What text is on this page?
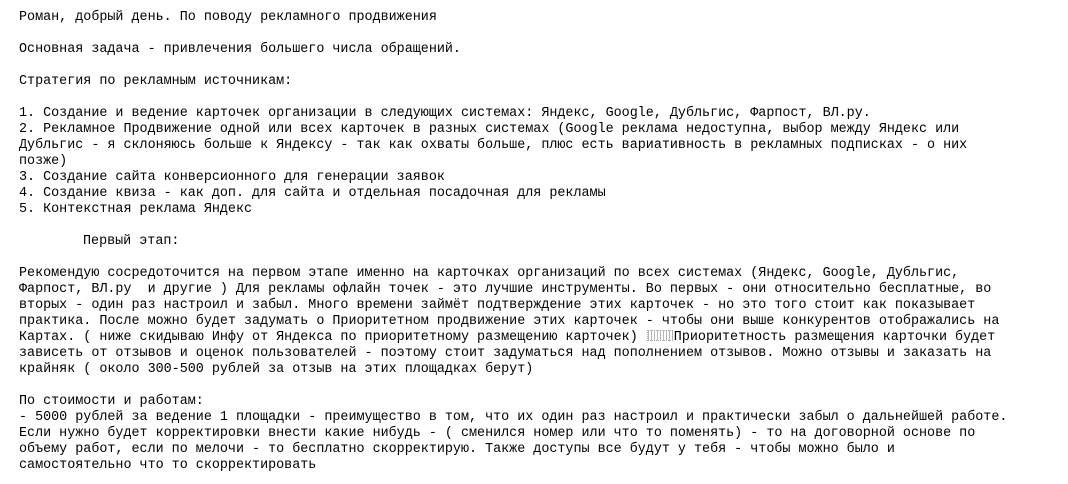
Роман, добрый день. По поводу рекламного продвижения
Основная задача - привлечения большего числа обращений.
Стратегия по рекламным источникам:
1. Создание и ведение карточек организации в следующих системах: Яндекс, Google, Дубльгис, Фарпост, ВЛ.ру.
2. Рекламное Продвижение одной или всех карточек в разных системах (Google реклама недоступна, выбор между Яндекс или
Дубльгис - я склоняюсь больше к Яндексу - так как охваты больше, плюс есть вариативность в рекламных подписках - о них
позже)
3. Создание сайта конверсионного для генерации заявок
4. Создание квиза - как доп. для сайта и отдельная посадочная для рекламы
5. Контекстная реклама Яндекс
Первый этап:
Рекомендую сосредоточится на первом этапе именно на карточках организаций по всех системах (Яндекс, Google, Дубльгис,
Фарпост, ВЛ.ру  и другие ) Для рекламы офлайн точек - это лучшие инструменты. Во первых - они относительно бесплатные, во
вторых - один раз настроил и забыл. Много времени займёт подтверждение этих карточек - но это того стоит как показывает
практика. После можно будет задумать о Приоритетном продвижение этих карточек - чтобы они выше конкурентов отображались на
Картах. ( ниже скидываю Инфу от Яндекса по приоритетному размещению карточек) Приоритетность размещения карточки будет
зависеть от отзывов и оценок пользователей - поэтому стоит задуматься над пополнением отзывов. Можно отзывы и заказать на
крайняк ( около 300-500 рублей за отзыв на этих площадках берут)
По стоимости и работам:
- 5000 рублей за ведение 1 площадки - преимущество в том, что их один раз настроил и практически забыл о дальнейшей работе.
Если нужно будет корректировки внести какие нибудь - ( сменился номер или что то поменять) - то на договорной основе по
объему работ, если по мелочи - то бесплатно скорректирую. Также доступы все будут у тебя - чтобы можно было и
самостоятельно что то скорректировать
